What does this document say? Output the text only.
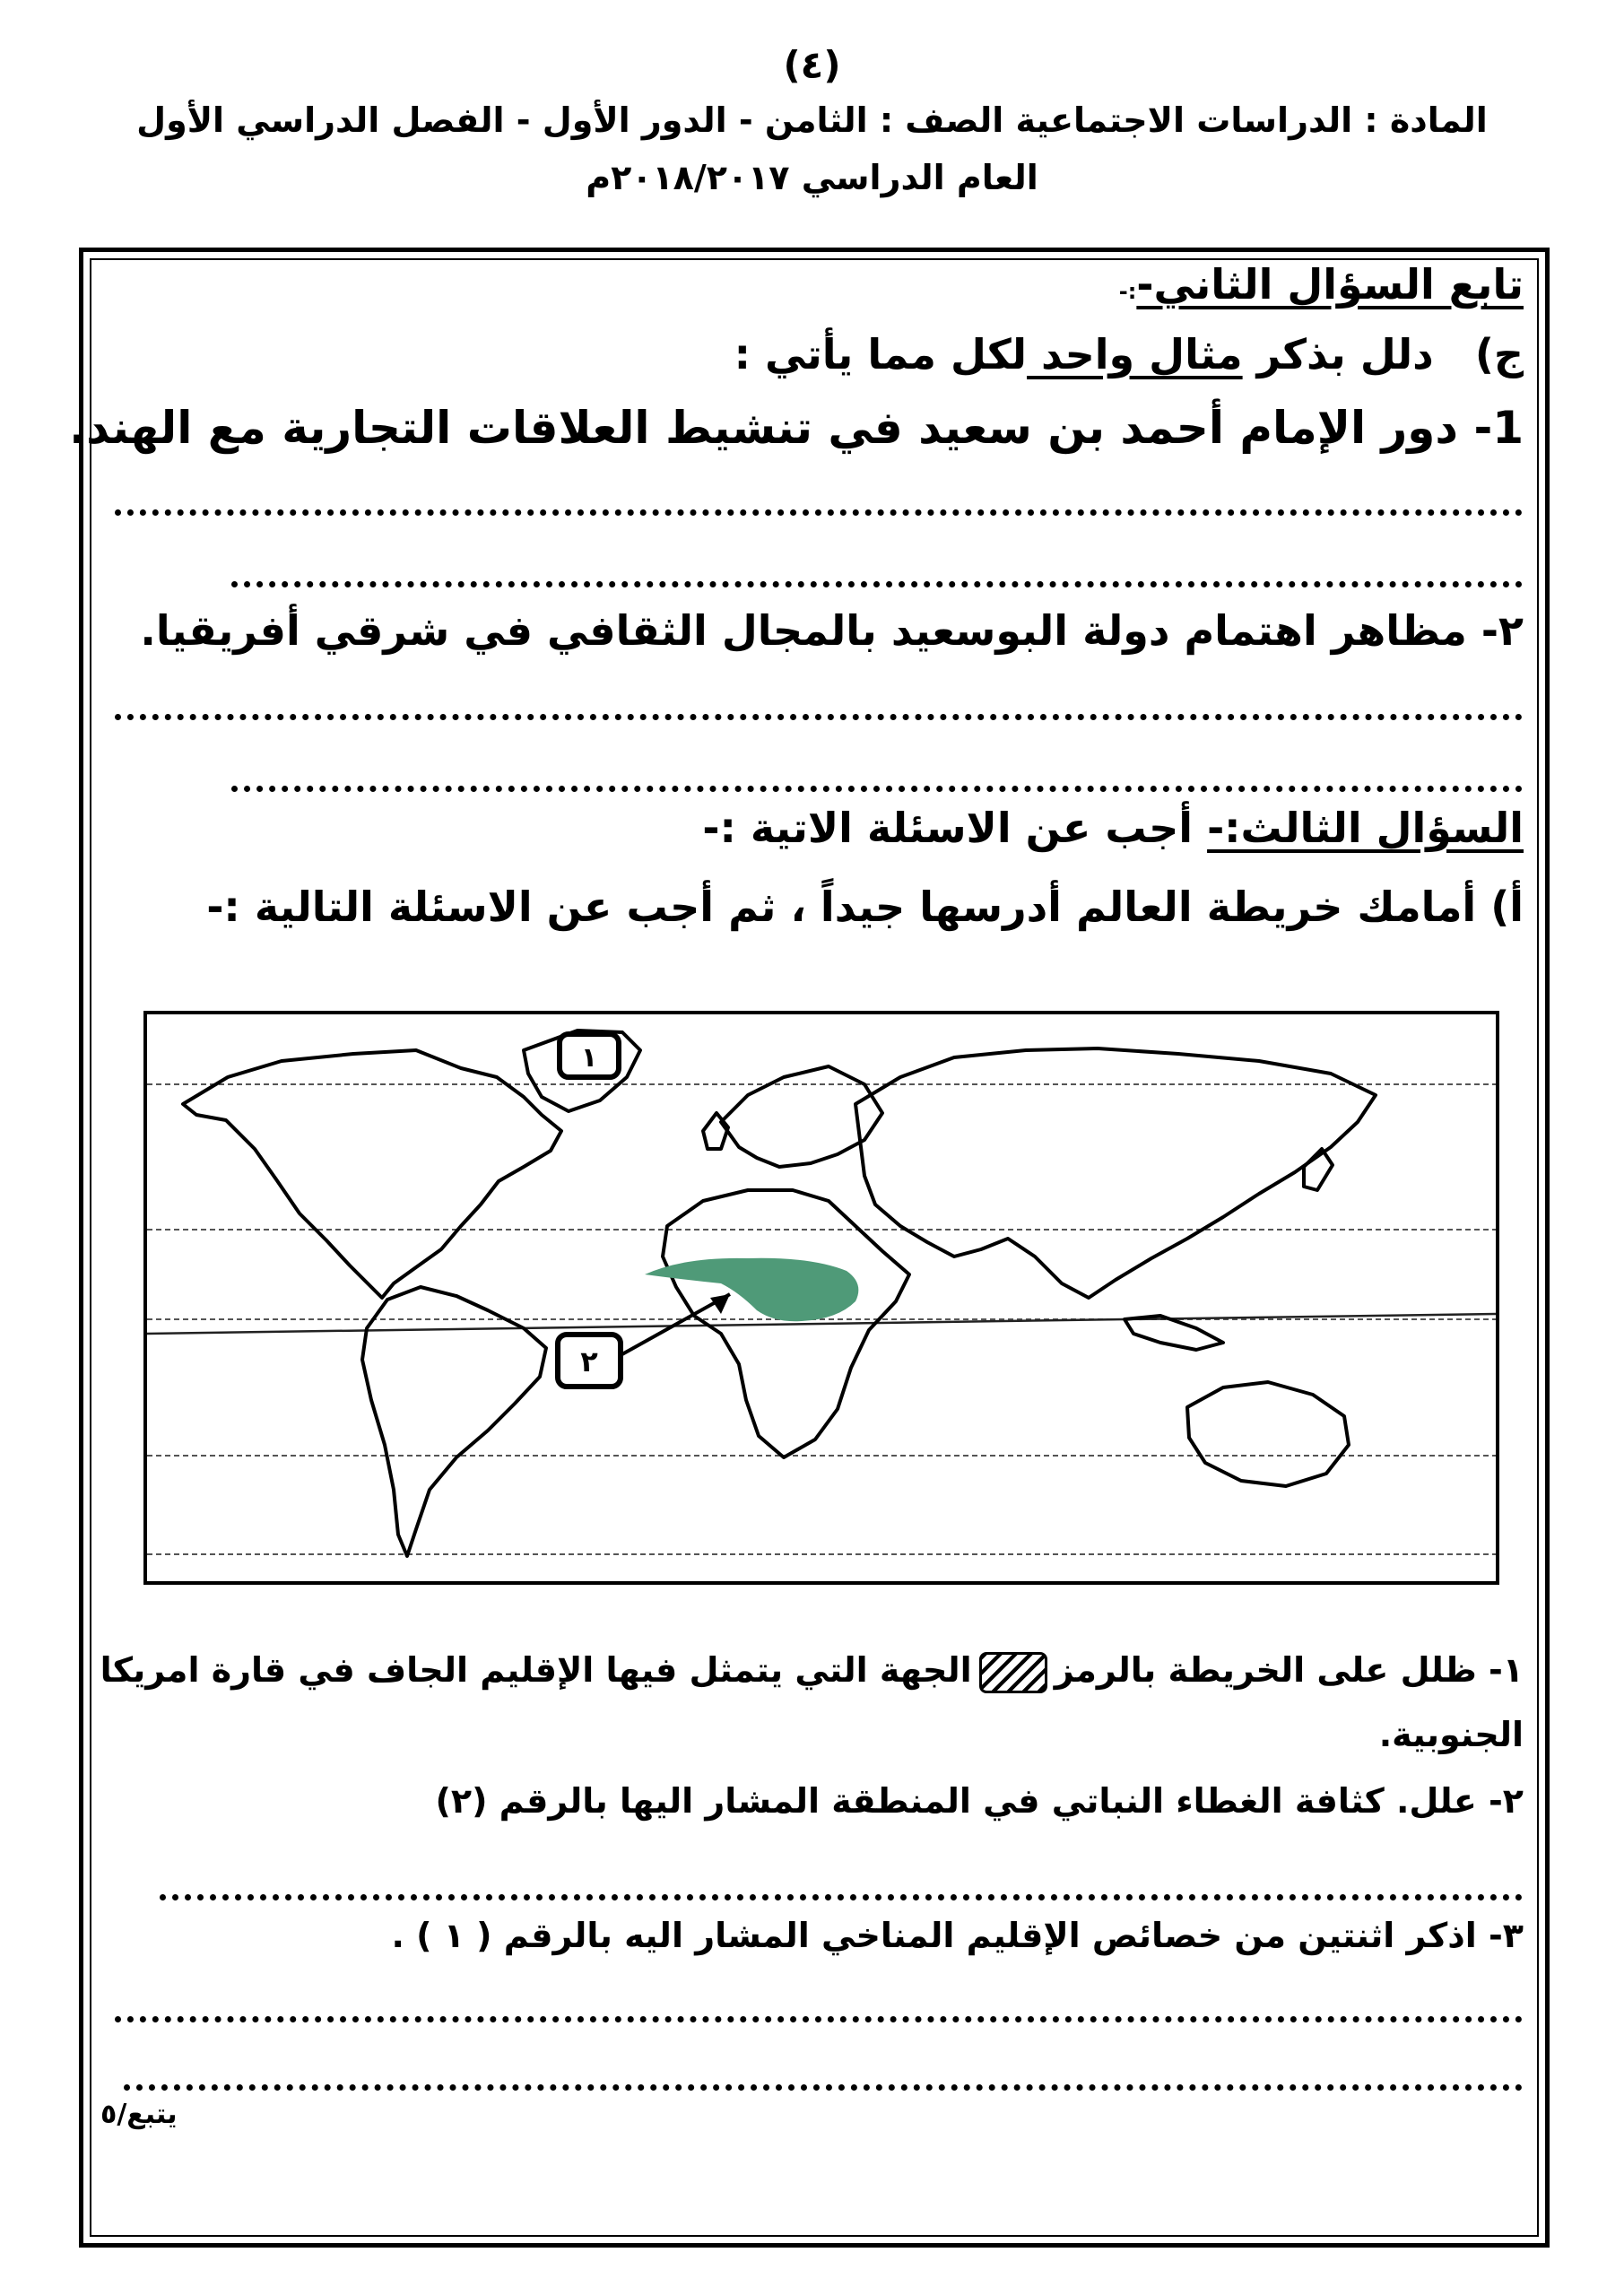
(٤)
المادة : الدراسات الاجتماعية الصف : الثامن - الدور الأول - الفصل الدراسي الأول
العام الدراسي ٢٠١٨/٢٠١٧م
تابع السؤال الثاني-:-
ج) دلل بذكر مثال واحد لكل مما يأتي :
1- دور الإمام أحمد بن سعيد في تنشيط العلاقات التجارية مع الهند.
٢- مظاهر اهتمام دولة البوسعيد بالمجال الثقافي في شرقي أفريقيا.
السؤال الثالث:- أجب عن الاسئلة الاتية :-
أ) أمامك خريطة العالم أدرسها جيداً ، ثم أجب عن الاسئلة التالية :-
٢
١
١- ظلل على الخريطة بالرمزالجهة التي يتمثل فيها الإقليم الجاف في قارة امريكا
الجنوبية.
٢- علل. كثافة الغطاء النباتي في المنطقة المشار اليها بالرقم (٢)
٣- اذكر اثنتين من خصائص الإقليم المناخي المشار اليه بالرقم ( ١ ) .
يتبع/٥
